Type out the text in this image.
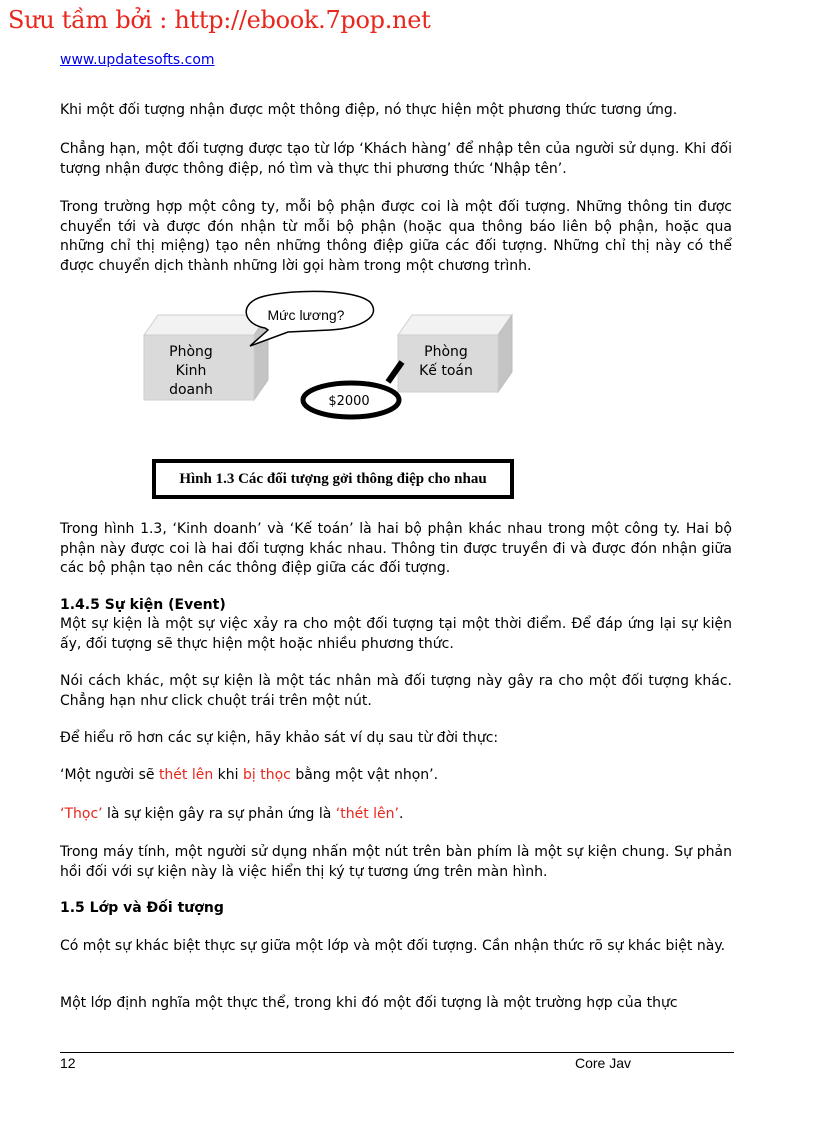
Sưu tầm bởi : http://ebook.7pop.net
www.updatesofts.com

Khi một đối tượng nhận được một thông điệp, nó thực hiện một phương thức tương ứng.

Chẳng hạn, một đối tượng được tạo từ lớp ‘Khách hàng’ để nhập tên của người sử dụng. Khi đối tượng nhận được thông điệp, nó tìm và thực thi phương thức ‘Nhập tên’.

Trong trường hợp một công ty, mỗi bộ phận được coi là một đối tượng. Những thông tin được chuyển tới và được đón nhận từ mỗi bộ phận (hoặc qua thông báo liên bộ phận, hoặc qua những chỉ thị miệng) tạo nên những thông điệp giữa các đối tượng. Những chỉ thị này có thể được chuyển dịch thành những lời gọi hàm trong một chương trình.

Phòng
Kinh
doanh
Phòng
Kế toán
Mức lương?
$2000
Hình 1.3 Các đối tượng gởi thông điệp cho nhau

Trong hình 1.3, ‘Kinh doanh’ và ‘Kế toán’ là hai bộ phận khác nhau trong một công ty. Hai bộ phận này được coi là hai đối tượng khác nhau. Thông tin được truyền đi và được đón nhận giữa các bộ phận tạo nên các thông điệp giữa các đối tượng.

1.4.5 Sự kiện (Event)

Một sự kiện là một sự việc xảy ra cho một đối tượng tại một thời điểm. Để đáp ứng lại sự kiện ấy, đối tượng sẽ thực hiện một hoặc nhiều phương thức.

Nói cách khác, một sự kiện là một tác nhân mà đối tượng này gây ra cho một đối tượng khác. Chẳng hạn như click chuột trái trên một nút.

Để hiểu rõ hơn các sự kiện, hãy khảo sát ví dụ sau từ đời thực:

‘Một người sẽ thét lên khi bị thọc bằng một vật nhọn’.

‘Thọc’ là sự kiện gây ra sự phản ứng là ‘thét lên’.

Trong máy tính, một người sử dụng nhấn một nút trên bàn phím là một sự kiện chung. Sự phản hồi đối với sự kiện này là việc hiển thị ký tự tương ứng trên màn hình.

1.5 Lớp và Đối tượng

Có một sự khác biệt thực sự giữa một lớp và một đối tượng. Cần nhận thức rõ sự khác biệt này.

Một lớp định nghĩa một thực thể, trong khi đó một đối tượng là một trường hợp của thực

12	Core Jav
